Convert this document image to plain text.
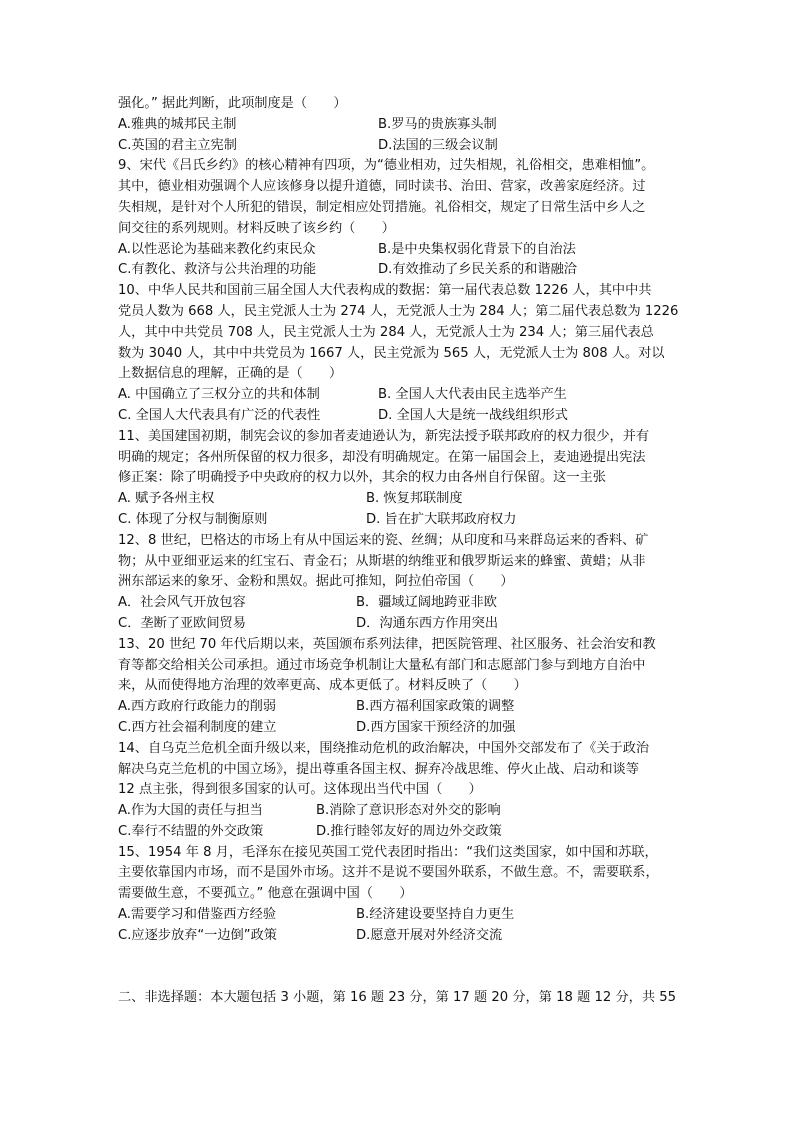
强化。” 据此判断，此项制度是（　　）
A.雅典的城邦民主制	B.罗马的贵族寡头制
C.英国的君主立宪制	D.法国的三级会议制
9、宋代《吕氏乡约》的核心精神有四项，为“德业相劝，过失相规，礼俗相交，患难相恤”。
其中，德业相劝强调个人应该修身以提升道德，同时读书、治田、营家，改善家庭经济。过
失相规，是针对个人所犯的错误，制定相应处罚措施。礼俗相交，规定了日常生活中乡人之
间交往的系列规则。材料反映了该乡约（　　）
A.以性恶论为基础来教化约束民众	B.是中央集权弱化背景下的自治法
C.有教化、救济与公共治理的功能	D.有效推动了乡民关系的和谐融洽
10、中华人民共和国前三届全国人大代表构成的数据：第一届代表总数 1226 人，其中中共
党员人数为 668 人，民主党派人士为 274 人，无党派人士为 284 人；第二届代表总数为 1226
人，其中中共党员 708 人，民主党派人士为 284 人，无党派人士为 234 人；第三届代表总
数为 3040 人，其中中共党员为 1667 人，民主党派为 565 人，无党派人士为 808 人。对以
上数据信息的理解，正确的是（　　）
A. 中国确立了三权分立的共和体制	B. 全国人大代表由民主选举产生
C. 全国人大代表具有广泛的代表性	D. 全国人大是统一战线组织形式
11、美国建国初期，制宪会议的参加者麦迪逊认为，新宪法授予联邦政府的权力很少，并有
明确的规定；各州所保留的权力很多，却没有明确规定。在第一届国会上，麦迪逊提出宪法
修正案：除了明确授予中央政府的权力以外，其余的权力由各州自行保留。这一主张
A. 赋予各州主权	B. 恢复邦联制度
C. 体现了分权与制衡原则	D. 旨在扩大联邦政府权力
12、8 世纪，巴格达的市场上有从中国运来的瓷、丝绸；从印度和马来群岛运来的香料、矿
物；从中亚细亚运来的红宝石、青金石；从斯堪的纳维亚和俄罗斯运来的蜂蜜、黄蜡；从非
洲东部运来的象牙、金粉和黑奴。据此可推知，阿拉伯帝国（　　）
A．社会风气开放包容	B．疆域辽阔地跨亚非欧
C．垄断了亚欧间贸易	D．沟通东西方作用突出
13、20 世纪 70 年代后期以来，英国颁布系列法律，把医院管理、社区服务、社会治安和教
育等都交给相关公司承担。通过市场竞争机制让大量私有部门和志愿部门参与到地方自治中
来，从而使得地方治理的效率更高、成本更低了。材料反映了（　　）
A.西方政府行政能力的削弱	B.西方福利国家政策的调整
C.西方社会福利制度的建立	D.西方国家干预经济的加强
14、自乌克兰危机全面升级以来，围绕推动危机的政治解决，中国外交部发布了《关于政治
解决乌克兰危机的中国立场》，提出尊重各国主权、摒弃冷战思维、停火止战、启动和谈等
12 点主张，得到很多国家的认可。这体现出当代中国（　　）
A.作为大国的责任与担当	B.消除了意识形态对外交的影响
C.奉行不结盟的外交政策	D.推行睦邻友好的周边外交政策
15、1954 年 8 月，毛泽东在接见英国工党代表团时指出：“我们这类国家，如中国和苏联，
主要依靠国内市场，而不是国外市场。这并不是说不要国外联系，不做生意。不，需要联系，
需要做生意，不要孤立。” 他意在强调中国（　　）
A.需要学习和借鉴西方经验	B.经济建设要坚持自力更生
C.应逐步放弃“一边倒”政策	D.愿意开展对外经济交流
二、非选择题：本大题包括 3 小题，第 16 题 23 分，第 17 题 20 分，第 18 题 12 分，共 55
